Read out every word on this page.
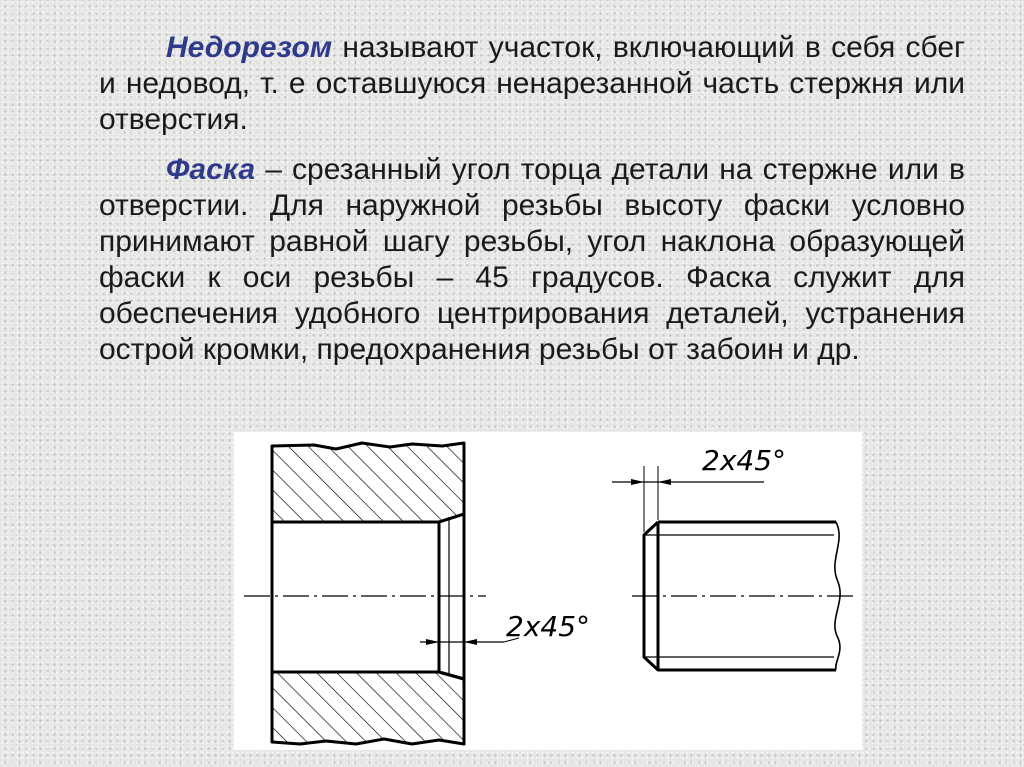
Недорезом называют участок, включающий в себя сбег и недовод, т. е оставшуюся ненарезанной часть стержня или отверстия.

Фаска – срезанный угол торца детали на стержне или в отверстии. Для наружной резьбы высоту фаски условно принимают равной шагу резьбы, угол наклона образующей фаски к оси резьбы – 45 градусов. Фаска служит для обеспечения удобного центрирования деталей, устранения острой кромки, предохранения резьбы от забоин и др.

2x45°
2x45°
